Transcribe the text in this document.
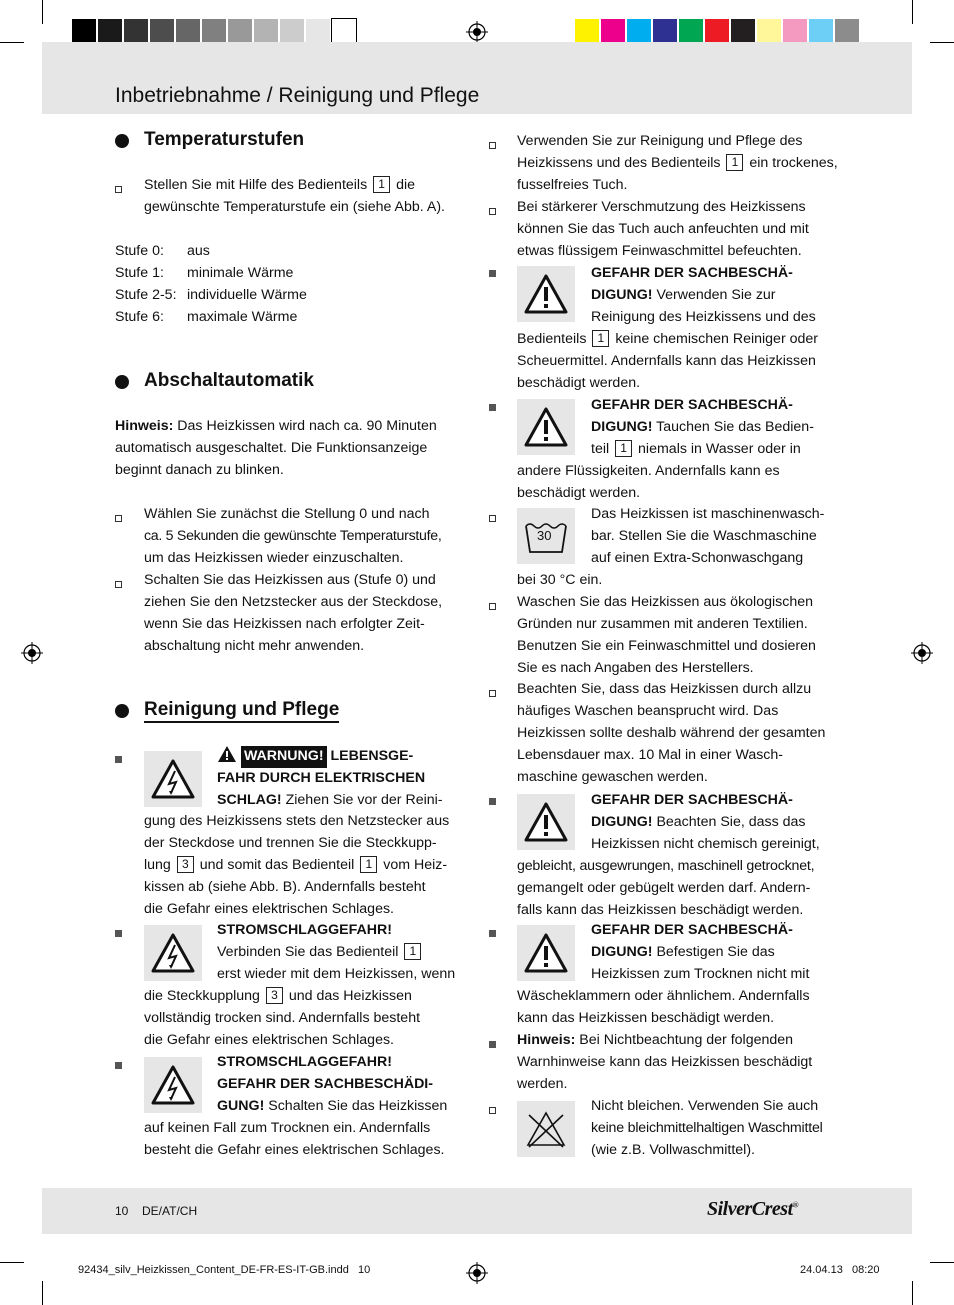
Inbetriebnahme / Reinigung und Pflege
Temperaturstufen
Stellen Sie mit Hilfe des Bedienteils 1 die
gewünschte Temperaturstufe ein (siehe Abb. A).
Stufe 0: aus
Stufe 1: minimale Wärme
Stufe 2-5: individuelle Wärme
Stufe 6: maximale Wärme
Abschaltautomatik
Hinweis: Das Heizkissen wird nach ca. 90 Minuten
automatisch ausgeschaltet. Die Funktionsanzeige
beginnt danach zu blinken.
Wählen Sie zunächst die Stellung 0 und nach
ca. 5 Sekunden die gewünschte Temperaturstufe,
um das Heizkissen wieder einzuschalten.
Schalten Sie das Heizkissen aus (Stufe 0) und
ziehen Sie den Netzstecker aus der Steckdose,
wenn Sie das Heizkissen nach erfolgter Zeit-
abschaltung nicht mehr anwenden.
Reinigung und Pflege
WARNUNG! LEBENSGE-
FAHR DURCH ELEKTRISCHEN
SCHLAG! Ziehen Sie vor der Reini-
gung des Heizkissens stets den Netzstecker aus
der Steckdose und trennen Sie die Steckkupp-
lung 3 und somit das Bedienteil 1 vom Heiz-
kissen ab (siehe Abb. B). Andernfalls besteht
die Gefahr eines elektrischen Schlages.
STROMSCHLAGGEFAHR!
Verbinden Sie das Bedienteil 1
erst wieder mit dem Heizkissen, wenn
die Steckkupplung 3 und das Heizkissen
vollständig trocken sind. Andernfalls besteht
die Gefahr eines elektrischen Schlages.
STROMSCHLAGGEFAHR!
GEFAHR DER SACHBESCHÄDI-
GUNG! Schalten Sie das Heizkissen
auf keinen Fall zum Trocknen ein. Andernfalls
besteht die Gefahr eines elektrischen Schlages.
Verwenden Sie zur Reinigung und Pflege des
Heizkissens und des Bedienteils 1 ein trockenes,
fusselfreies Tuch.
Bei stärkerer Verschmutzung des Heizkissens
können Sie das Tuch auch anfeuchten und mit
etwas flüssigem Feinwaschmittel befeuchten.
GEFAHR DER SACHBESCHÄ-
DIGUNG! Verwenden Sie zur
Reinigung des Heizkissens und des
Bedienteils 1 keine chemischen Reiniger oder
Scheuermittel. Andernfalls kann das Heizkissen
beschädigt werden.
GEFAHR DER SACHBESCHÄ-
DIGUNG! Tauchen Sie das Bedien-
teil 1 niemals in Wasser oder in
andere Flüssigkeiten. Andernfalls kann es
beschädigt werden.
30
Das Heizkissen ist maschinenwasch-
bar. Stellen Sie die Waschmaschine
auf einen Extra-Schonwaschgang
bei 30 °C ein.
Waschen Sie das Heizkissen aus ökologischen
Gründen nur zusammen mit anderen Textilien.
Benutzen Sie ein Feinwaschmittel und dosieren
Sie es nach Angaben des Herstellers.
Beachten Sie, dass das Heizkissen durch allzu
häufiges Waschen beansprucht wird. Das
Heizkissen sollte deshalb während der gesamten
Lebensdauer max. 10 Mal in einer Wasch-
maschine gewaschen werden.
GEFAHR DER SACHBESCHÄ-
DIGUNG! Beachten Sie, dass das
Heizkissen nicht chemisch gereinigt,
gebleicht, ausgewrungen, maschinell getrocknet,
gemangelt oder gebügelt werden darf. Andern-
falls kann das Heizkissen beschädigt werden.
GEFAHR DER SACHBESCHÄ-
DIGUNG! Befestigen Sie das
Heizkissen zum Trocknen nicht mit
Wäscheklammern oder ähnlichem. Andernfalls
kann das Heizkissen beschädigt werden.
Hinweis: Bei Nichtbeachtung der folgenden
Warnhinweise kann das Heizkissen beschädigt
werden.
Nicht bleichen. Verwenden Sie auch
keine bleichmittelhaltigen Waschmittel
(wie z.B. Vollwaschmittel).
10 DE/AT/CH	SilverCrest®
92434_silv_Heizkissen_Content_DE-FR-ES-IT-GB.indd   10	24.04.13   08:20
